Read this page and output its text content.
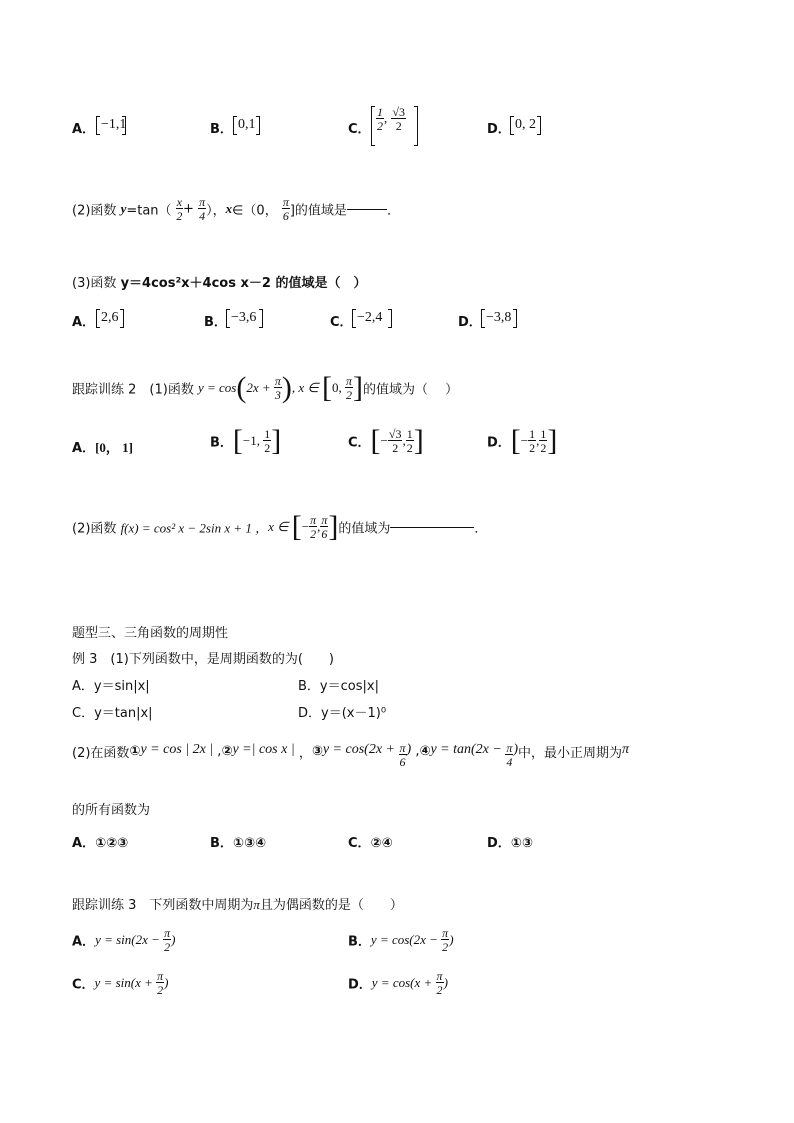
A． −1,1	B． 0,1	C． $\frac{1}{2}$ , $\frac{√3}{2}$	D． 0, 2
(2)函数 $y=\tan( \frac{x}{2} + \frac{\pi}{4}$ ），x∈（0， $\frac{\pi}{6}$ ]的值域是	．
(3)函数 y＝4cos²x＋4cos x－2 的值域是（　）
A． 2,6	B． −3,6	C． −2,4	D． −3,8
跟踪训练 2　(1)函数 $y = \cos(2x + \frac{\pi}{3}$ ), x ∈ [0, $\frac{\pi}{2}$ ]的值域为（　 ）
A．[0， 1]	B．[−1, $\frac{1}{2}$ ]	C．[− $\frac{√3}{2}$ , $\frac{1}{2}$ ]	D．[− $\frac{1}{2}$ , $\frac{1}{2}$ ]
(2)函数 f(x) = cos² x − 2sin x + 1 ，x ∈ [− $\frac{\pi}{2}$ , $\frac{\pi}{6}$ ]的值域为	．
题型三、三角函数的周期性
例 3　(1)下列函数中，是周期函数的为(　　)
A．y＝sin|x|	B．y＝cos|x|
C．y＝tan|x|	D．y＝(x－1)⁰
(2)在函数①y = cos | 2x | ,②y =| cos x | ，③y = $\cos(2x + \frac{\pi}{6}$ ) ,④y = $\tan(2x - \frac{\pi}{4}$ )中，最小正周期为π
的所有函数为
A．①②③	B．①③④	C．②④	D．①③
跟踪训练 3　下列函数中周期为π且为偶函数的是（　　）
A．$y = \sin(2x - \frac{\pi}{2}$ )	B．$y = \cos(2x - \frac{\pi}{2}$ )
C．$y = \sin(x + \frac{\pi}{2}$ )	D．$y = \cos(x + \frac{\pi}{2}$ )
